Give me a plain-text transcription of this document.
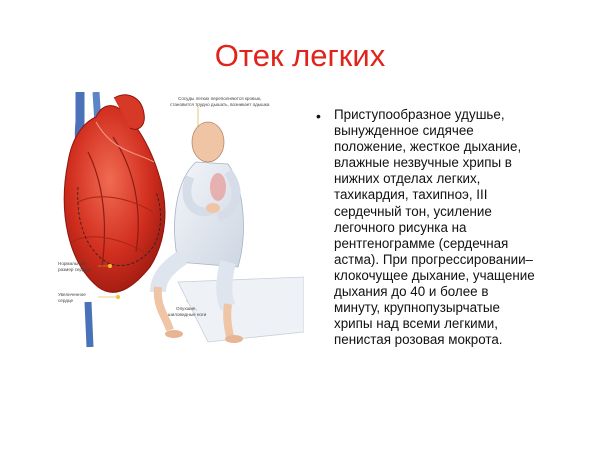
Отек легких
Сосуды легких переполняются кровью,
становится трудно дышать, возникает одышка
Нормальный
размер сердца
Увеличенное
сердце
Опухшие,
шиловидные ноги
• Приступообразное удушье,
вынужденное сидячее
положение, жесткое дыхание,
влажные незвучные хрипы в
нижних отделах легких,
тахикардия, тахипноэ, III
сердечный тон, усиление
легочного рисунка на
рентгенограмме (сердечная
астма). При прогрессировании–
клокочущее дыхание, учащение
дыхания до 40 и более в
минуту, крупнопузырчатые
хрипы над всеми легкими,
пенистая розовая мокрота.
